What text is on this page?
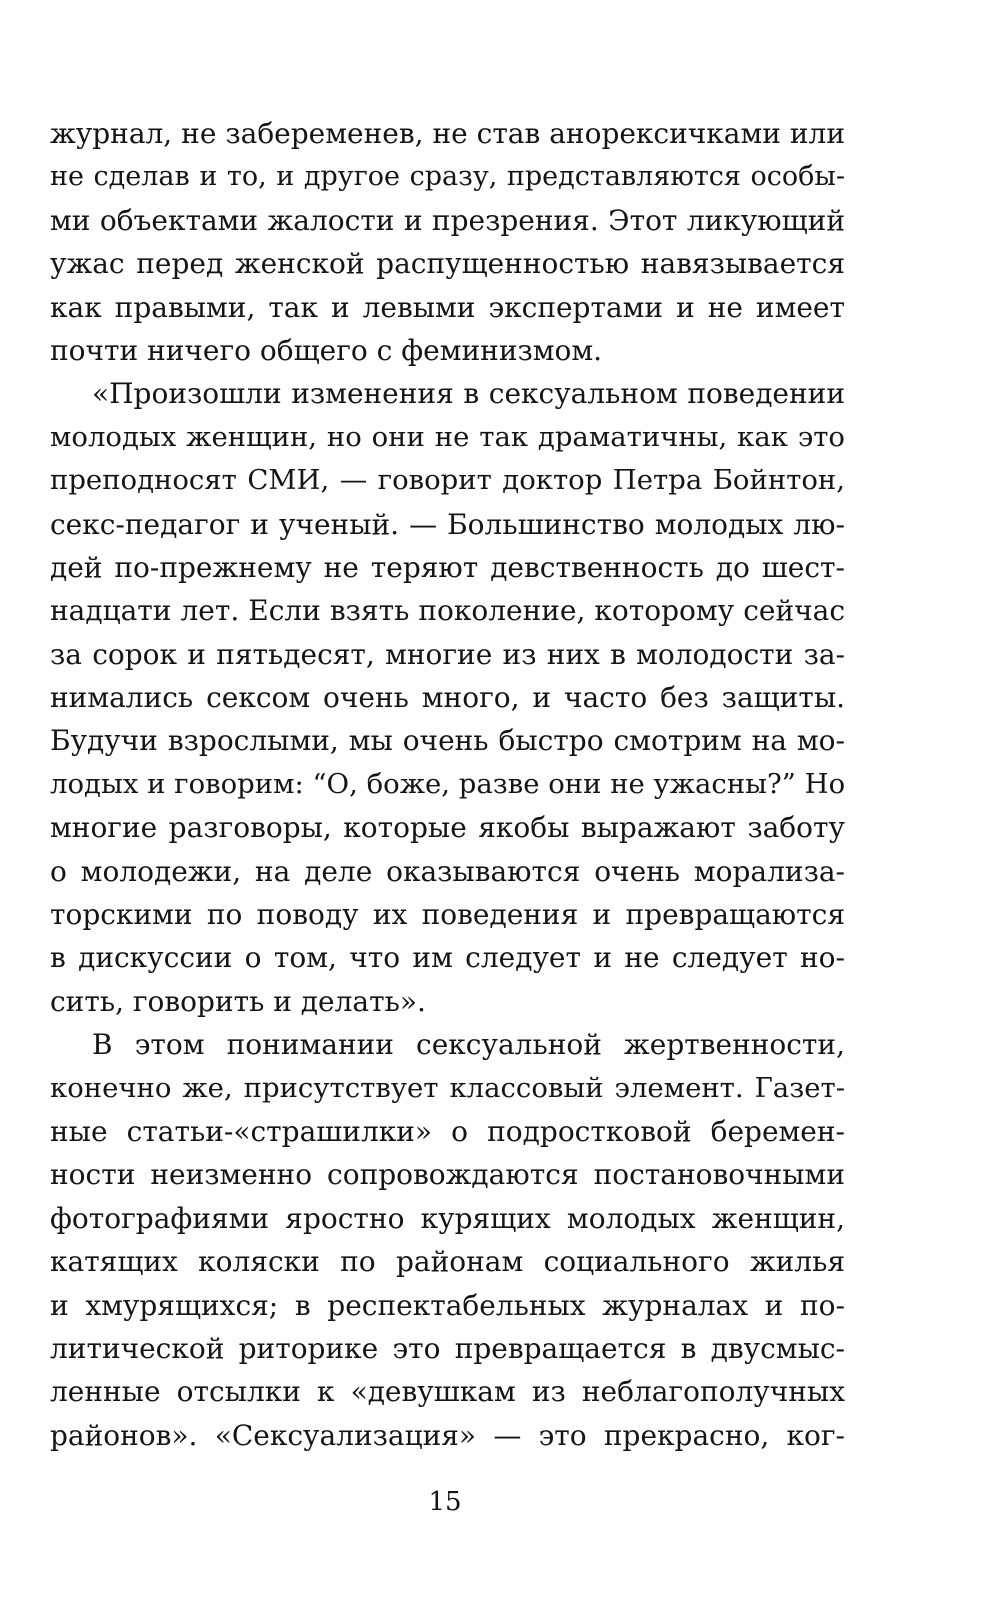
журнал, не забеременев, не став анорексичками или
не сделав и то, и другое сразу, представляются особы-
ми объектами жалости и презрения. Этот ликующий
ужас перед женской распущенностью навязывается
как правыми, так и левыми экспертами и не имеет
почти ничего общего с феминизмом.
«Произошли изменения в сексуальном поведении
молодых женщин, но они не так драматичны, как это
преподносят СМИ, — говорит доктор Петра Бойнтон,
секс-педагог и ученый. — Большинство молодых лю-
дей по-прежнему не теряют девственность до шест-
надцати лет. Если взять поколение, которому сейчас
за сорок и пятьдесят, многие из них в молодости за-
нимались сексом очень много, и часто без защиты.
Будучи взрослыми, мы очень быстро смотрим на мо-
лодых и говорим: “О, боже, разве они не ужасны?” Но
многие разговоры, которые якобы выражают заботу
о молодежи, на деле оказываются очень морализа-
торскими по поводу их поведения и превращаются
в дискуссии о том, что им следует и не следует но-
сить, говорить и делать».
В этом понимании сексуальной жертвенности,
конечно же, присутствует классовый элемент. Газет-
ные статьи-«страшилки» о подростковой беремен-
ности неизменно сопровождаются постановочными
фотографиями яростно курящих молодых женщин,
катящих коляски по районам социального жилья
и хмурящихся; в респектабельных журналах и по-
литической риторике это превращается в двусмыс-
ленные отсылки к «девушкам из неблагополучных
районов». «Сексуализация» — это прекрасно, ког-
15
